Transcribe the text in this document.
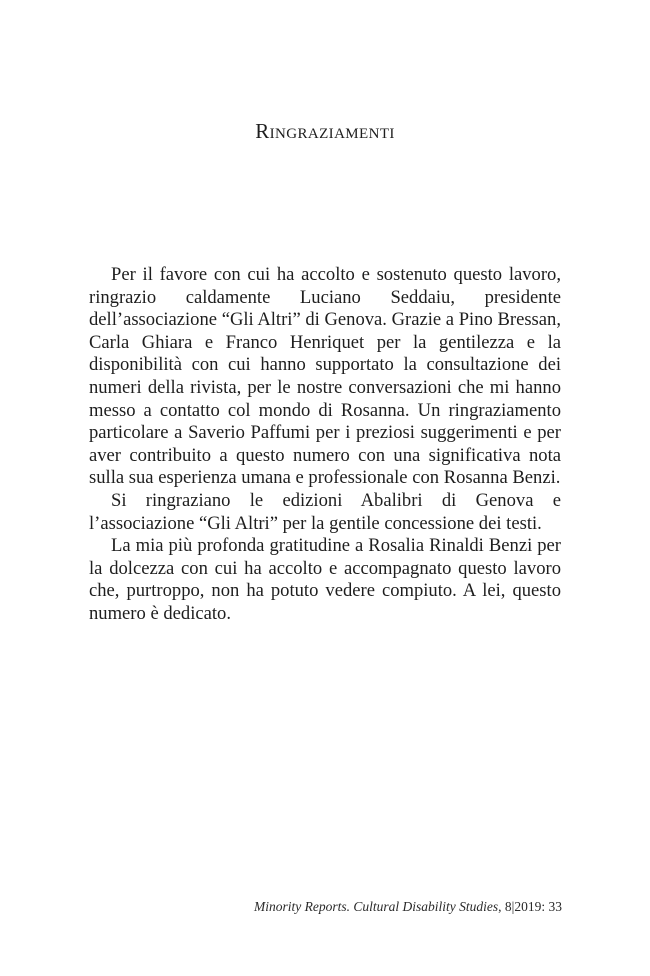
Ringraziamenti

Per il favore con cui ha accolto e sostenuto questo lavoro, ringrazio caldamente Luciano Seddaiu, presidente dell’associazione “Gli Altri” di Genova. Grazie a Pino Bressan, Carla Ghiara e Franco Henriquet per la gentilezza e la disponibilità con cui hanno supportato la consultazione dei numeri della rivista, per le nostre conversazioni che mi hanno messo a contatto col mondo di Rosanna. Un ringraziamento particolare a Saverio Paffumi per i preziosi suggerimenti e per aver contribuito a questo numero con una significativa nota sulla sua esperienza umana e professionale con Rosanna Benzi.

Si ringraziano le edizioni Abalibri di Genova e l’associazione “Gli Altri” per la gentile concessione dei testi.

La mia più profonda gratitudine a Rosalia Rinaldi Benzi per la dolcezza con cui ha accolto e accompagnato questo lavoro che, purtroppo, non ha potuto vedere compiuto. A lei, questo numero è dedicato.

Minority Reports. Cultural Disability Studies, 8|2019: 33
